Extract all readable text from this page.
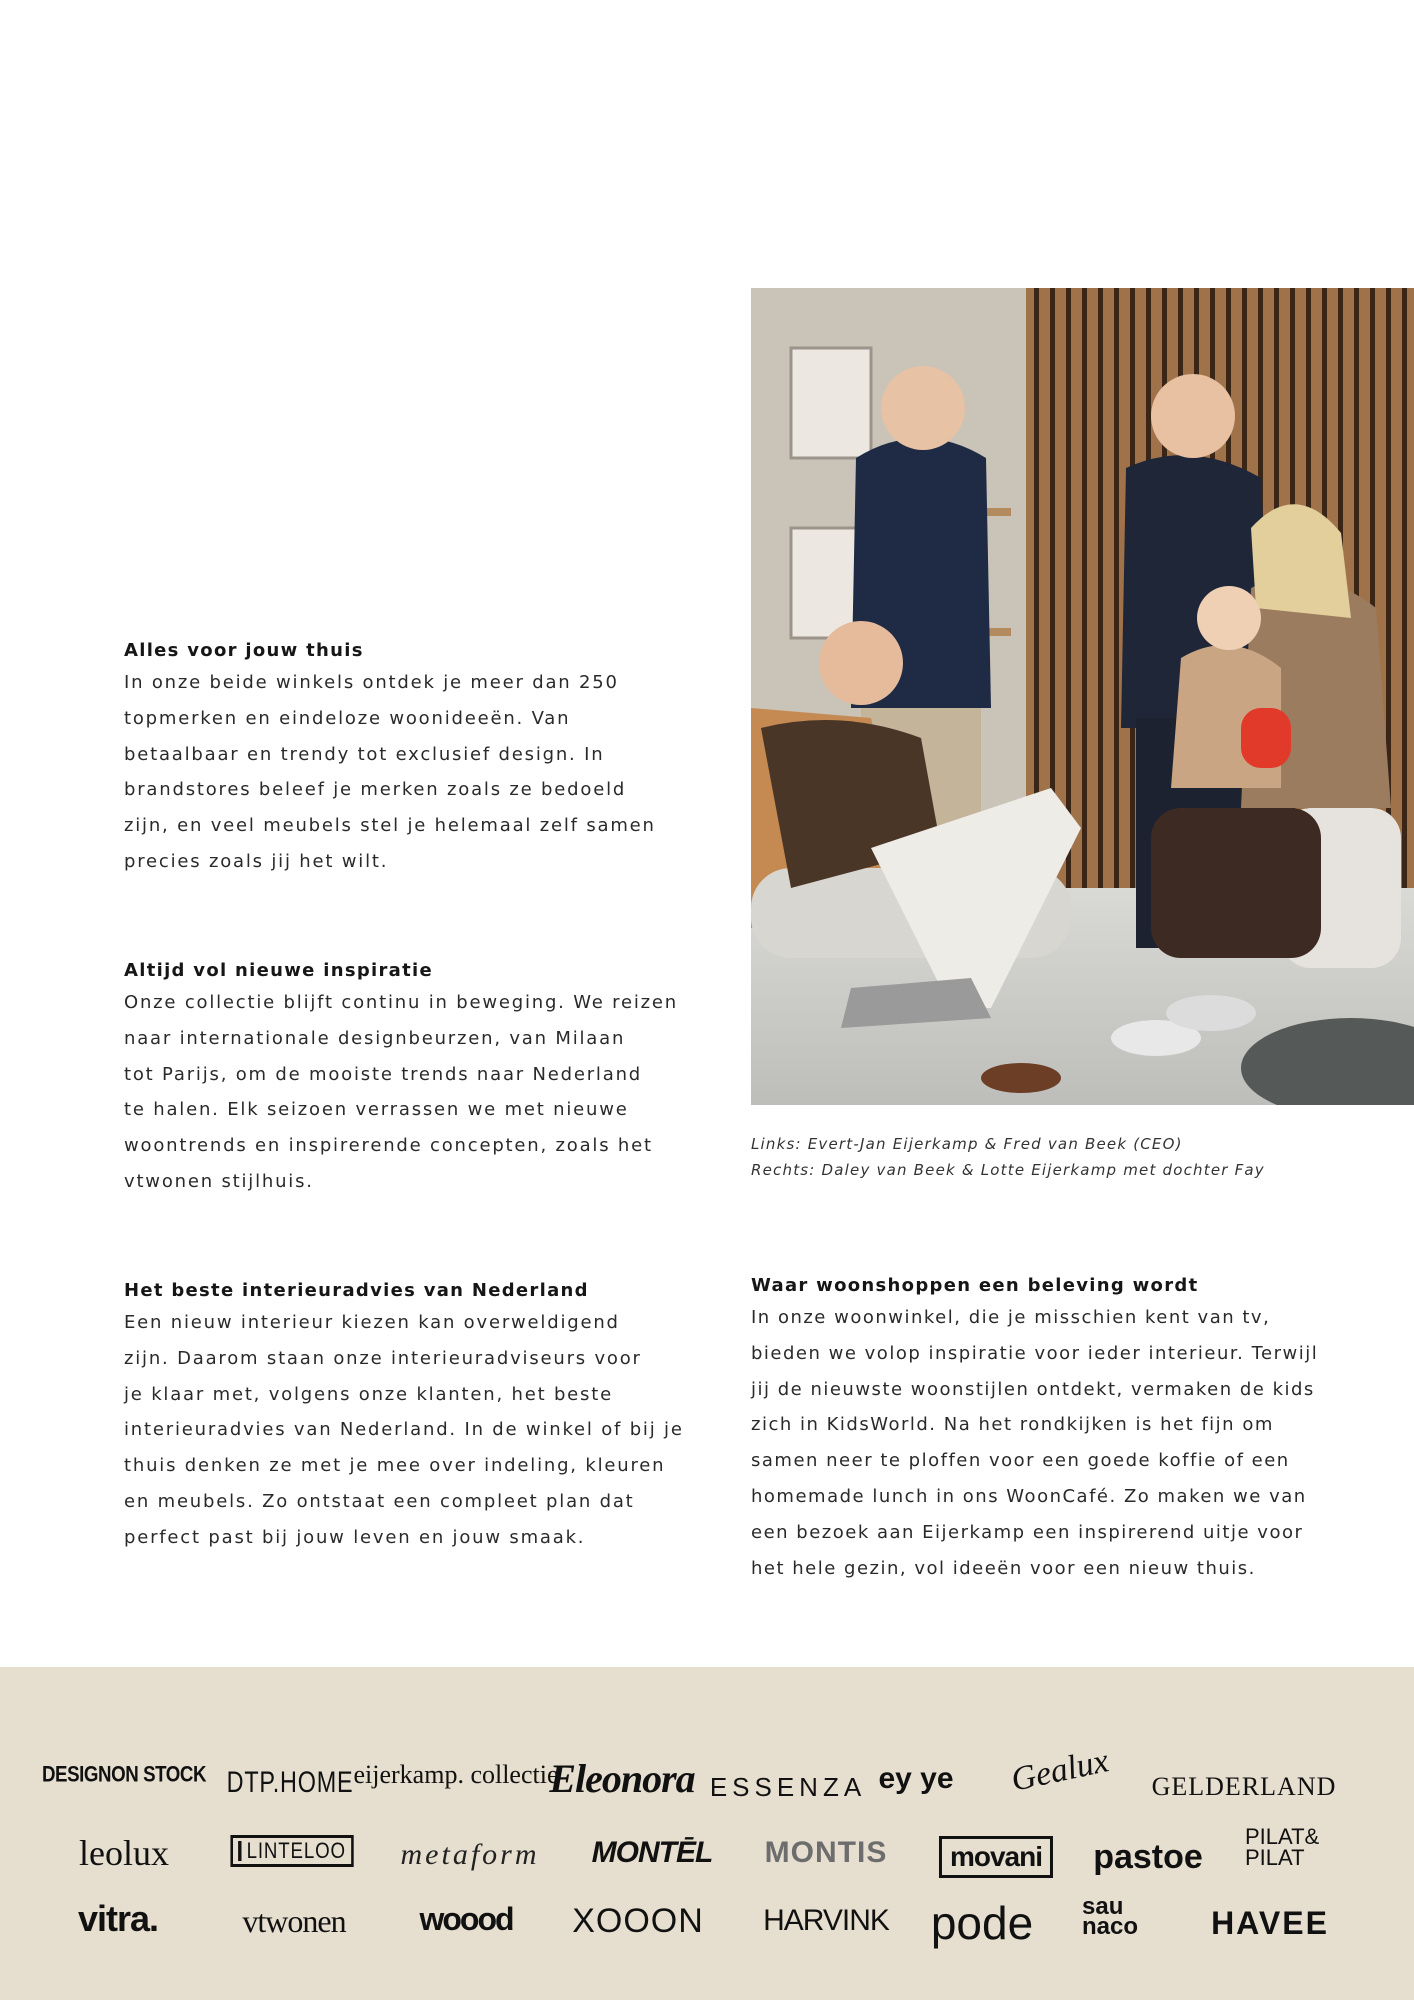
Alles voor jouw thuis

In onze beide winkels ontdek je meer dan 250
topmerken en eindeloze woonideeën. Van
betaalbaar en trendy tot exclusief design. In
brandstores beleef je merken zoals ze bedoeld
zijn, en veel meubels stel je helemaal zelf samen
precies zoals jij het wilt.

Altijd vol nieuwe inspiratie

Onze collectie blijft continu in beweging. We reizen
naar internationale designbeurzen, van Milaan
tot Parijs, om de mooiste trends naar Nederland
te halen. Elk seizoen verrassen we met nieuwe
woontrends en inspirerende concepten, zoals het
vtwonen stijlhuis.

Het beste interieuradvies van Nederland

Een nieuw interieur kiezen kan overweldigend
zijn. Daarom staan onze interieuradviseurs voor
je klaar met, volgens onze klanten, het beste
interieuradvies van Nederland. In de winkel of bij je
thuis denken ze met je mee over indeling, kleuren
en meubels. Zo ontstaat een compleet plan dat
perfect past bij jouw leven en jouw smaak.

Waar woonshoppen een beleving wordt

In onze woonwinkel, die je misschien kent van tv,
bieden we volop inspiratie voor ieder interieur. Terwijl
jij de nieuwste woonstijlen ontdekt, vermaken de kids
zich in KidsWorld. Na het rondkijken is het fijn om
samen neer te ploffen voor een goede koffie of een
homemade lunch in ons WoonCafé. Zo maken we van
een bezoek aan Eijerkamp een inspirerend uitje voor
het hele gezin, vol ideeën voor een nieuw thuis.

Links: Evert-Jan Eijerkamp & Fred van Beek (CEO)
Rechts: Daley van Beek & Lotte Eijerkamp met dochter Fay
DESIGNON STOCK DTP.HOME eijerkamp. collectie
Eleonora ESSENZA ey ye Gealux GELDERLAND
leolux	LINTELOO metaform MONTĒL MONTIS	movani	pastoe
PILAT& PILAT
vitra.	vtwonen woood XOOON HARVINK pode sau naco	HAVEE
